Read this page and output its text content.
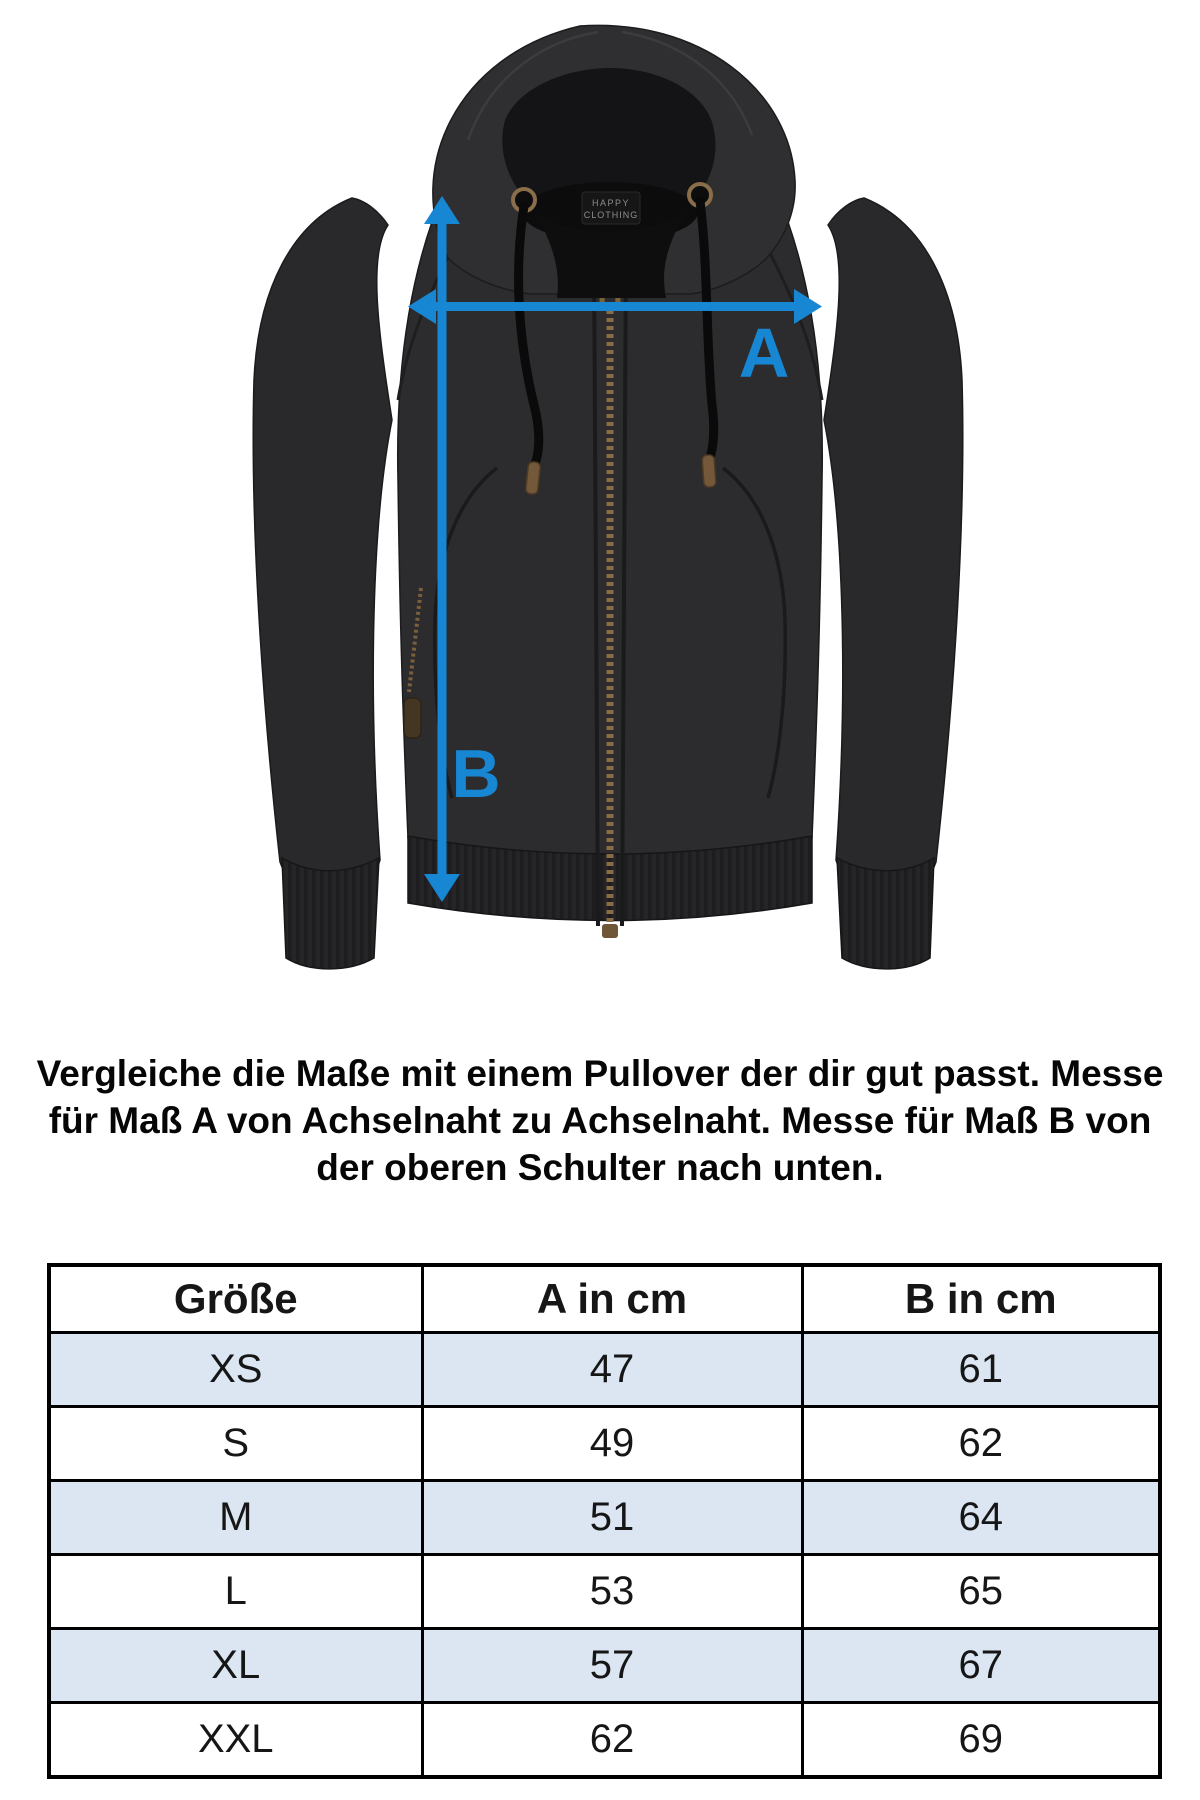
HAPPY
CLOTHING
A
B
Vergleiche die Maße mit einem Pullover der dir gut passt. Messe
für Maß A von Achselnaht zu Achselnaht. Messe für Maß B von
der oberen Schulter nach unten.
Größe	A in cm	B in cm
XS	47	61
S	49	62
M	51	64
L	53	65
XL	57	67
XXL	62	69
